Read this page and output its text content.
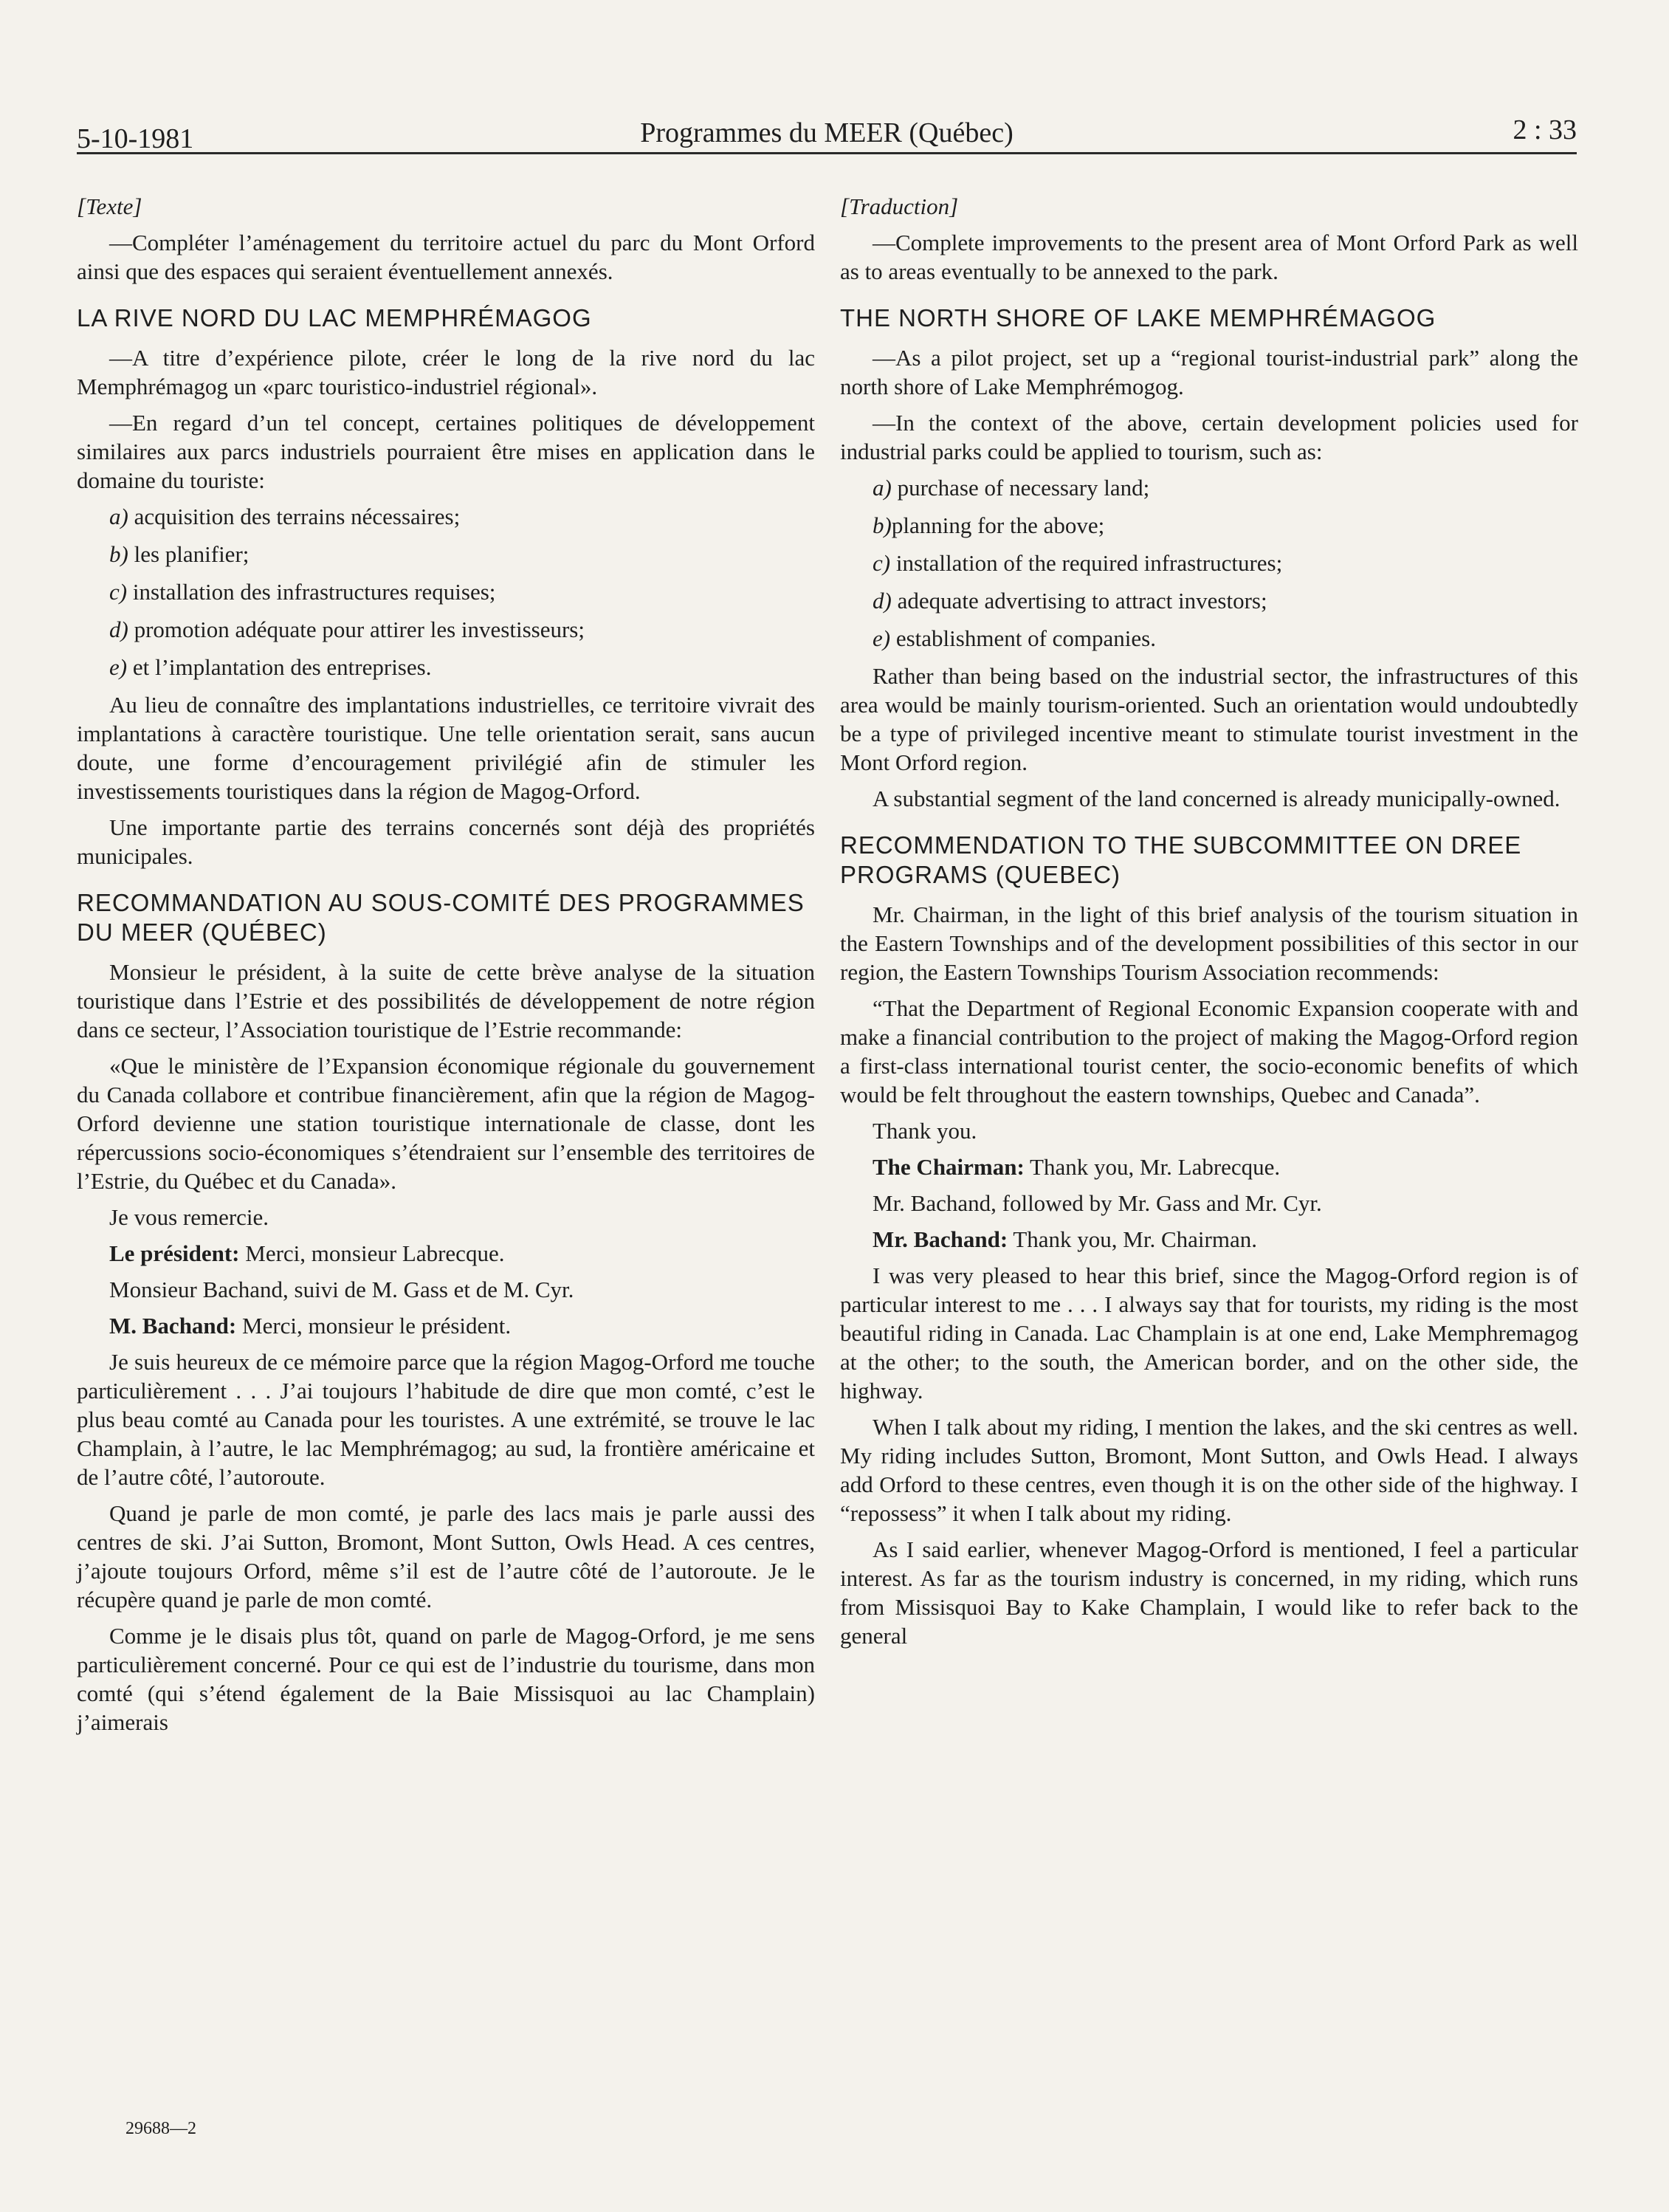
5-10-1981	Programmes du MEER (Québec)	2 : 33

[Texte]

—Compléter l’aménagement du territoire actuel du parc du Mont Orford ainsi que des espaces qui seraient éventuellement annexés.

LA RIVE NORD DU LAC MEMPHRÉMAGOG

—A titre d’expérience pilote, créer le long de la rive nord du lac Memphrémagog un «parc touristico-industriel régional».

—En regard d’un tel concept, certaines politiques de développement similaires aux parcs industriels pourraient être mises en application dans le domaine du touriste:

a) acquisition des terrains nécessaires;

b) les planifier;

c) installation des infrastructures requises;

d) promotion adéquate pour attirer les investisseurs;

e) et l’implantation des entreprises.

Au lieu de connaître des implantations industrielles, ce territoire vivrait des implantations à caractère touristique. Une telle orientation serait, sans aucun doute, une forme d’encouragement privilégié afin de stimuler les investissements touristiques dans la région de Magog-Orford.

Une importante partie des terrains concernés sont déjà des propriétés municipales.

RECOMMANDATION AU SOUS-COMITÉ DES PROGRAMMES DU MEER (QUÉBEC)

Monsieur le président, à la suite de cette brève analyse de la situation touristique dans l’Estrie et des possibilités de développement de notre région dans ce secteur, l’Association touristique de l’Estrie recommande:

«Que le ministère de l’Expansion économique régionale du gouvernement du Canada collabore et contribue financièrement, afin que la région de Magog-Orford devienne une station touristique internationale de classe, dont les répercussions socio-économiques s’étendraient sur l’ensemble des territoires de l’Estrie, du Québec et du Canada».

Je vous remercie.

Le président: Merci, monsieur Labrecque.

Monsieur Bachand, suivi de M. Gass et de M. Cyr.

M. Bachand: Merci, monsieur le président.

Je suis heureux de ce mémoire parce que la région Magog-Orford me touche particulièrement . . . J’ai toujours l’habitude de dire que mon comté, c’est le plus beau comté au Canada pour les touristes. A une extrémité, se trouve le lac Champlain, à l’autre, le lac Memphrémagog; au sud, la frontière américaine et de l’autre côté, l’autoroute.

Quand je parle de mon comté, je parle des lacs mais je parle aussi des centres de ski. J’ai Sutton, Bromont, Mont Sutton, Owls Head. A ces centres, j’ajoute toujours Orford, même s’il est de l’autre côté de l’autoroute. Je le récupère quand je parle de mon comté.

Comme je le disais plus tôt, quand on parle de Magog-Orford, je me sens particulièrement concerné. Pour ce qui est de l’industrie du tourisme, dans mon comté (qui s’étend également de la Baie Missisquoi au lac Champlain) j’aimerais

[Traduction]

—Complete improvements to the present area of Mont Orford Park as well as to areas eventually to be annexed to the park.

THE NORTH SHORE OF LAKE MEMPHRÉMAGOG

—As a pilot project, set up a “regional tourist-industrial park” along the north shore of Lake Memphrémogog.

—In the context of the above, certain development policies used for industrial parks could be applied to tourism, such as:

a) purchase of necessary land;

b)planning for the above;

c) installation of the required infrastructures;

d) adequate advertising to attract investors;

e) establishment of companies.

Rather than being based on the industrial sector, the infrastructures of this area would be mainly tourism-oriented. Such an orientation would undoubtedly be a type of privileged incentive meant to stimulate tourist investment in the Mont Orford region.

A substantial segment of the land concerned is already municipally-owned.

RECOMMENDATION TO THE SUBCOMMITTEE ON DREE PROGRAMS (QUEBEC)

Mr. Chairman, in the light of this brief analysis of the tourism situation in the Eastern Townships and of the development possibilities of this sector in our region, the Eastern Townships Tourism Association recommends:

“That the Department of Regional Economic Expansion cooperate with and make a financial contribution to the project of making the Magog-Orford region a first-class international tourist center, the socio-economic benefits of which would be felt throughout the eastern townships, Quebec and Canada”.

Thank you.

The Chairman: Thank you, Mr. Labrecque.

Mr. Bachand, followed by Mr. Gass and Mr. Cyr.

Mr. Bachand: Thank you, Mr. Chairman.

I was very pleased to hear this brief, since the Magog-Orford region is of particular interest to me . . . I always say that for tourists, my riding is the most beautiful riding in Canada. Lac Champlain is at one end, Lake Memphremagog at the other; to the south, the American border, and on the other side, the highway.

When I talk about my riding, I mention the lakes, and the ski centres as well. My riding includes Sutton, Bromont, Mont Sutton, and Owls Head. I always add Orford to these centres, even though it is on the other side of the highway. I “repossess” it when I talk about my riding.

As I said earlier, whenever Magog-Orford is mentioned, I feel a particular interest. As far as the tourism industry is concerned, in my riding, which runs from Missisquoi Bay to Kake Champlain, I would like to refer back to the general

29688—2
